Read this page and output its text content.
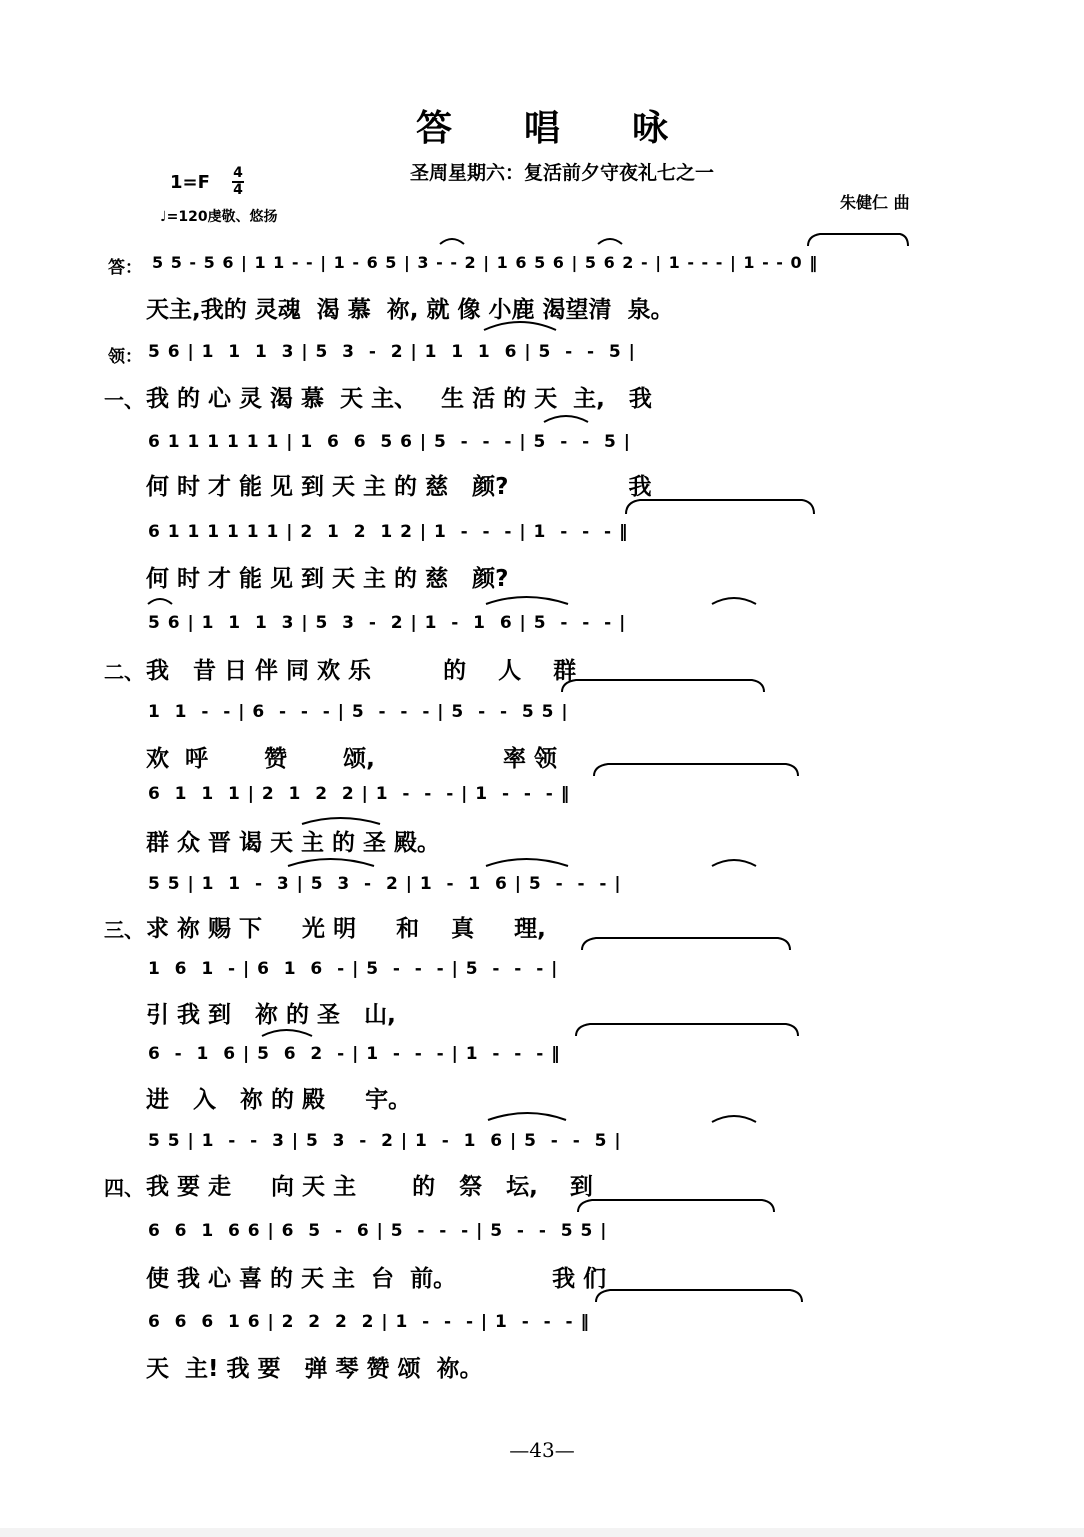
答唱咏
圣周星期六：复活前夕守夜礼七之一
$1=F \frac{4}{4}$
♩=120虔敬、悠扬
朱健仁 曲
答： 5 5 - 5 6 | 1 1 - - | 1 - 6 5 | 3 - - 2 | 1 6 5 6 | 5 6 2 - | 1 - - - | 1 - - 0 ‖
天主,我的 灵魂  渴 慕  祢, 就 像 小鹿 渴望清  泉。
领： 5 6 | 1  1  1  3 | 5  3  -  2 | 1  1  1  6 | 5  -  -  5 |
一、 我 的 心 灵 渴 慕  天 主、   生 活 的 天  主,   我
6 1 1 1 1 1 1 | 1  6  6  5 6 | 5  -  -  - | 5  -  -  5 |
何 时 才 能 见 到 天 主 的 慈   颜?               我
6 1 1 1 1 1 1 | 2  1  2  1 2 | 1  -  -  - | 1  -  -  - ‖
何 时 才 能 见 到 天 主 的 慈   颜?
5 6 | 1  1  1  3 | 5  3  -  2 | 1  -  1  6 | 5  -  -  - |
二、 我   昔 日 伴 同 欢 乐         的    人    群
1  1  -  - | 6  -  -  - | 5  -  -  - | 5  -  -  5 5 |
欢  呼       赞       颂,                率 领
6  1  1  1 | 2  1  2  2 | 1  -  -  - | 1  -  -  - ‖
群 众 晋 谒 天 主 的 圣 殿。
5 5 | 1  1  -  3 | 5  3  -  2 | 1  -  1  6 | 5  -  -  - |
三、 求 祢 赐 下     光 明     和    真     理,
1  6  1  - | 6  1  6  - | 5  -  -  - | 5  -  -  - |
引 我 到   祢 的 圣   山,
6  -  1  6 | 5  6  2  - | 1  -  -  - | 1  -  -  - ‖
进   入   祢 的 殿     宇。
5 5 | 1  -  -  3 | 5  3  -  2 | 1  -  1  6 | 5  -  -  5 |
四、 我 要 走     向 天 主       的   祭   坛,    到
6  6  1  6 6 | 6  5  -  6 | 5  -  -  - | 5  -  -  5 5 |
使 我 心 喜 的 天 主  台  前。            我 们
6  6  6  1 6 | 2  2  2  2 | 1  -  -  - | 1  -  -  - ‖
天  主! 我 要   弹 琴 赞 颂  祢。
—43—
